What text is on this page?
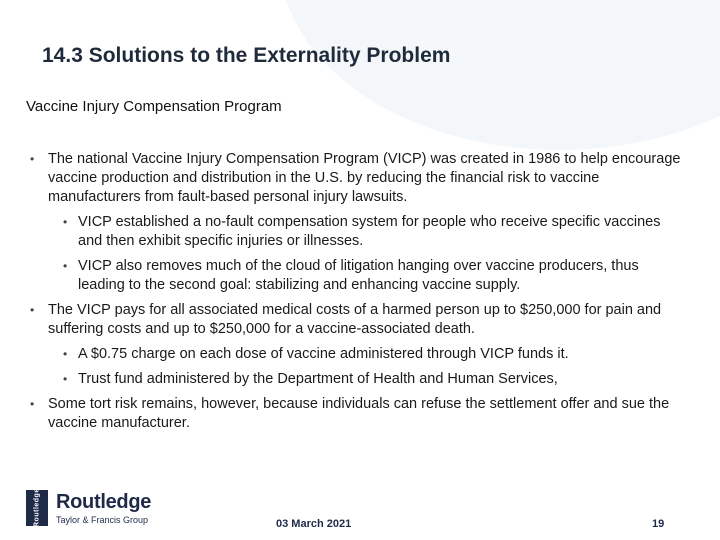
14.3 Solutions to the Externality Problem
Vaccine Injury Compensation Program
• The national Vaccine Injury Compensation Program (VICP) was created in 1986 to help encourage vaccine production and distribution in the U.S. by reducing the financial risk to vaccine manufacturers from fault-based personal injury lawsuits.
• VICP established a no-fault compensation system for people who receive specific vaccines and then exhibit specific injuries or illnesses.
• VICP also removes much of the cloud of litigation hanging over vaccine producers, thus leading to the second goal: stabilizing and enhancing vaccine supply.
• The VICP pays for all associated medical costs of a harmed person up to $250,000 for pain and suffering costs and up to $250,000 for a vaccine-associated death.
• A $0.75 charge on each dose of vaccine administered through VICP funds it.
• Trust fund administered by the Department of Health and Human Services,
• Some tort risk remains, however, because individuals can refuse the settlement offer and sue the vaccine manufacturer.
Routledge Routledge
Taylor & Francis Group	03 March 2021	19
